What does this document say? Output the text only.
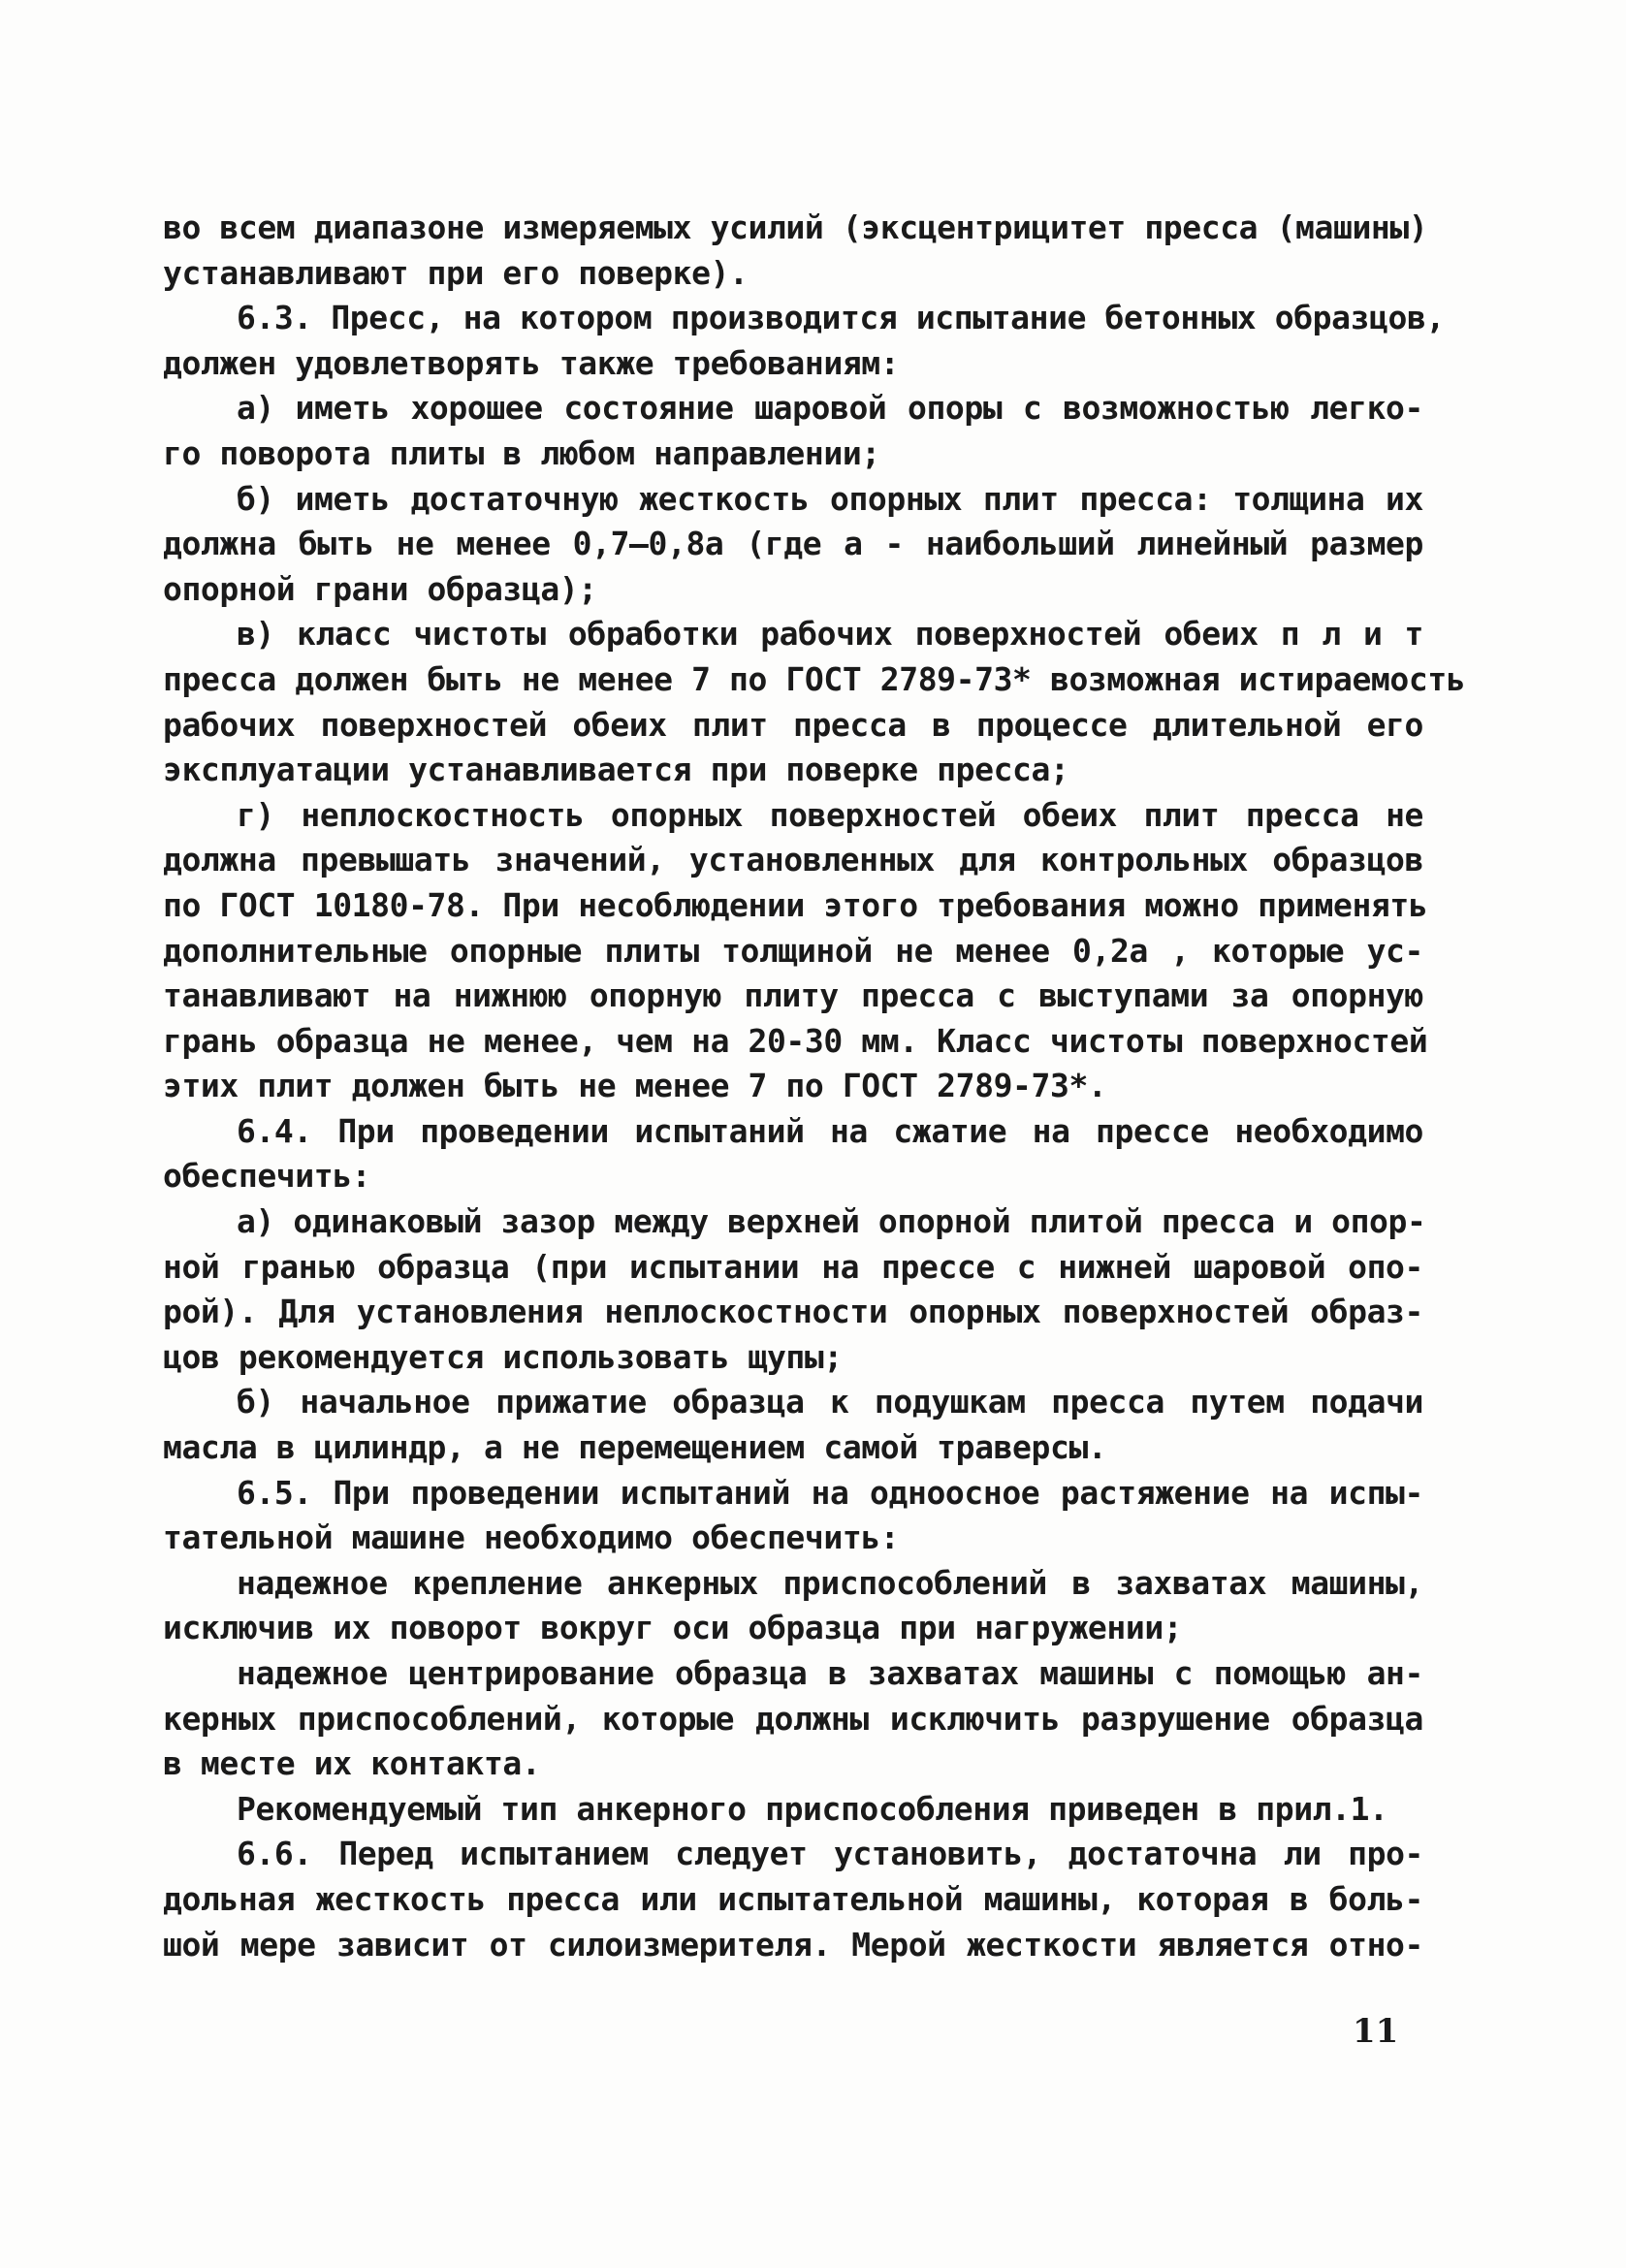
во всем диапазоне измеряемых усилий (эксцентрицитет пресса (машины)
устанавливают при его поверке).
6.3. Пресс, на котором производится испытание бетонных образцов,
должен удовлетворять также требованиям:
а) иметь хорошее состояние шаровой опоры с возможностью легко-
го поворота плиты в любом направлении;
б) иметь достаточную жесткость опорных плит пресса: толщина их
должна быть не менее 0,7–0,8a (где a - наибольший линейный размер
опорной грани образца);
в) класс чистоты обработки рабочих поверхностей обеих п л и т
пресса должен быть не менее 7 по ГОСТ 2789-73* возможная истираемость
рабочих поверхностей обеих плит пресса в процессе длительной его
эксплуатации устанавливается при поверке пресса;
г) неплоскостность опорных поверхностей обеих плит пресса не
должна превышать значений, установленных для контрольных образцов
по ГОСТ 10180-78. При несоблюдении этого требования можно применять
дополнительные опорные плиты толщиной не менее 0,2a , которые ус-
танавливают на нижнюю опорную плиту пресса с выступами за опорную
грань образца не менее, чем на 20-30 мм. Класс чистоты поверхностей
этих плит должен быть не менее 7 по ГОСТ 2789-73*.
6.4. При проведении испытаний на сжатие на прессе необходимо
обеспечить:
а) одинаковый зазор между верхней опорной плитой пресса и опор-
ной гранью образца (при испытании на прессе с нижней шаровой опо-
рой). Для установления неплоскостности опорных поверхностей образ-
цов рекомендуется использовать щупы;
б) начальное прижатие образца к подушкам пресса путем подачи
масла в цилиндр, а не перемещением самой траверсы.
6.5. При проведении испытаний на одноосное растяжение на испы-
тательной машине необходимо обеспечить:
надежное крепление анкерных приспособлений в захватах машины,
исключив их поворот вокруг оси образца при нагружении;
надежное центрирование образца в захватах машины с помощью ан-
керных приспособлений, которые должны исключить разрушение образца
в месте их контакта.
Рекомендуемый тип анкерного приспособления приведен в прил.1.
6.6. Перед испытанием следует установить, достаточна ли про-
дольная жесткость пресса или испытательной машины, которая в боль-
шой мере зависит от силоизмерителя. Мерой жесткости является отно-
11
